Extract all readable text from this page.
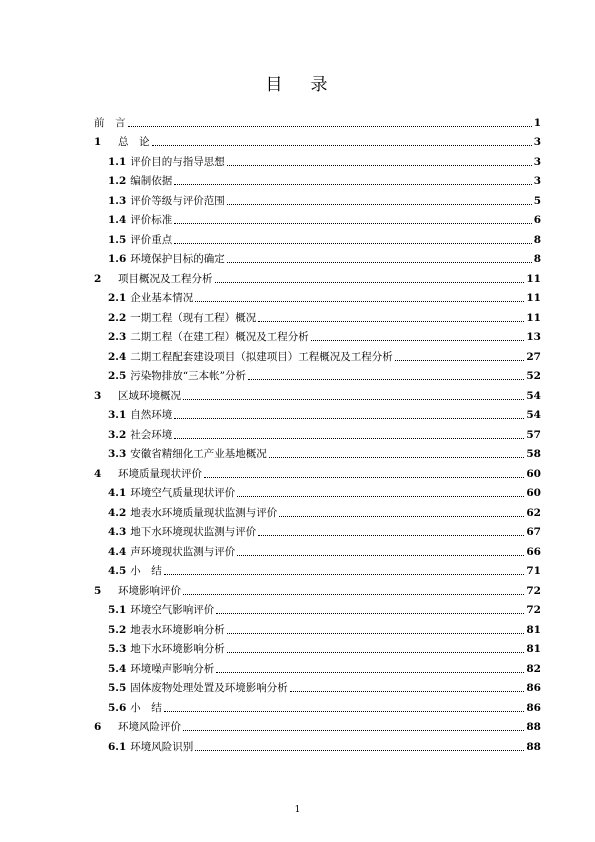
目 录
前　言	1
1	总　论	3
1.1 评价目的与指导思想	3
1.2 编制依据	3
1.3 评价等级与评价范围	5
1.4 评价标准	6
1.5 评价重点	8
1.6 环境保护目标的确定	8
2	项目概况及工程分析	11
2.1 企业基本情况	11
2.2 一期工程（现有工程）概况	11
2.3 二期工程（在建工程）概况及工程分析	13
2.4 二期工程配套建设项目（拟建项目）工程概况及工程分析	27
2.5 污染物排放“三本帐”分析	52
3	区域环境概况	54
3.1 自然环境	54
3.2 社会环境	57
3.3 安徽省精细化工产业基地概况	58
4	环境质量现状评价	60
4.1 环境空气质量现状评价	60
4.2 地表水环境质量现状监测与评价	62
4.3 地下水环境现状监测与评价	67
4.4 声环境现状监测与评价	66
4.5 小　结	71
5	环境影响评价	72
5.1 环境空气影响评价	72
5.2 地表水环境影响分析	81
5.3 地下水环境影响分析	81
5.4 环境噪声影响分析	82
5.5 固体废物处理处置及环境影响分析	86
5.6 小　结	86
6	环境风险评价	88
6.1 环境风险识别	88
1
